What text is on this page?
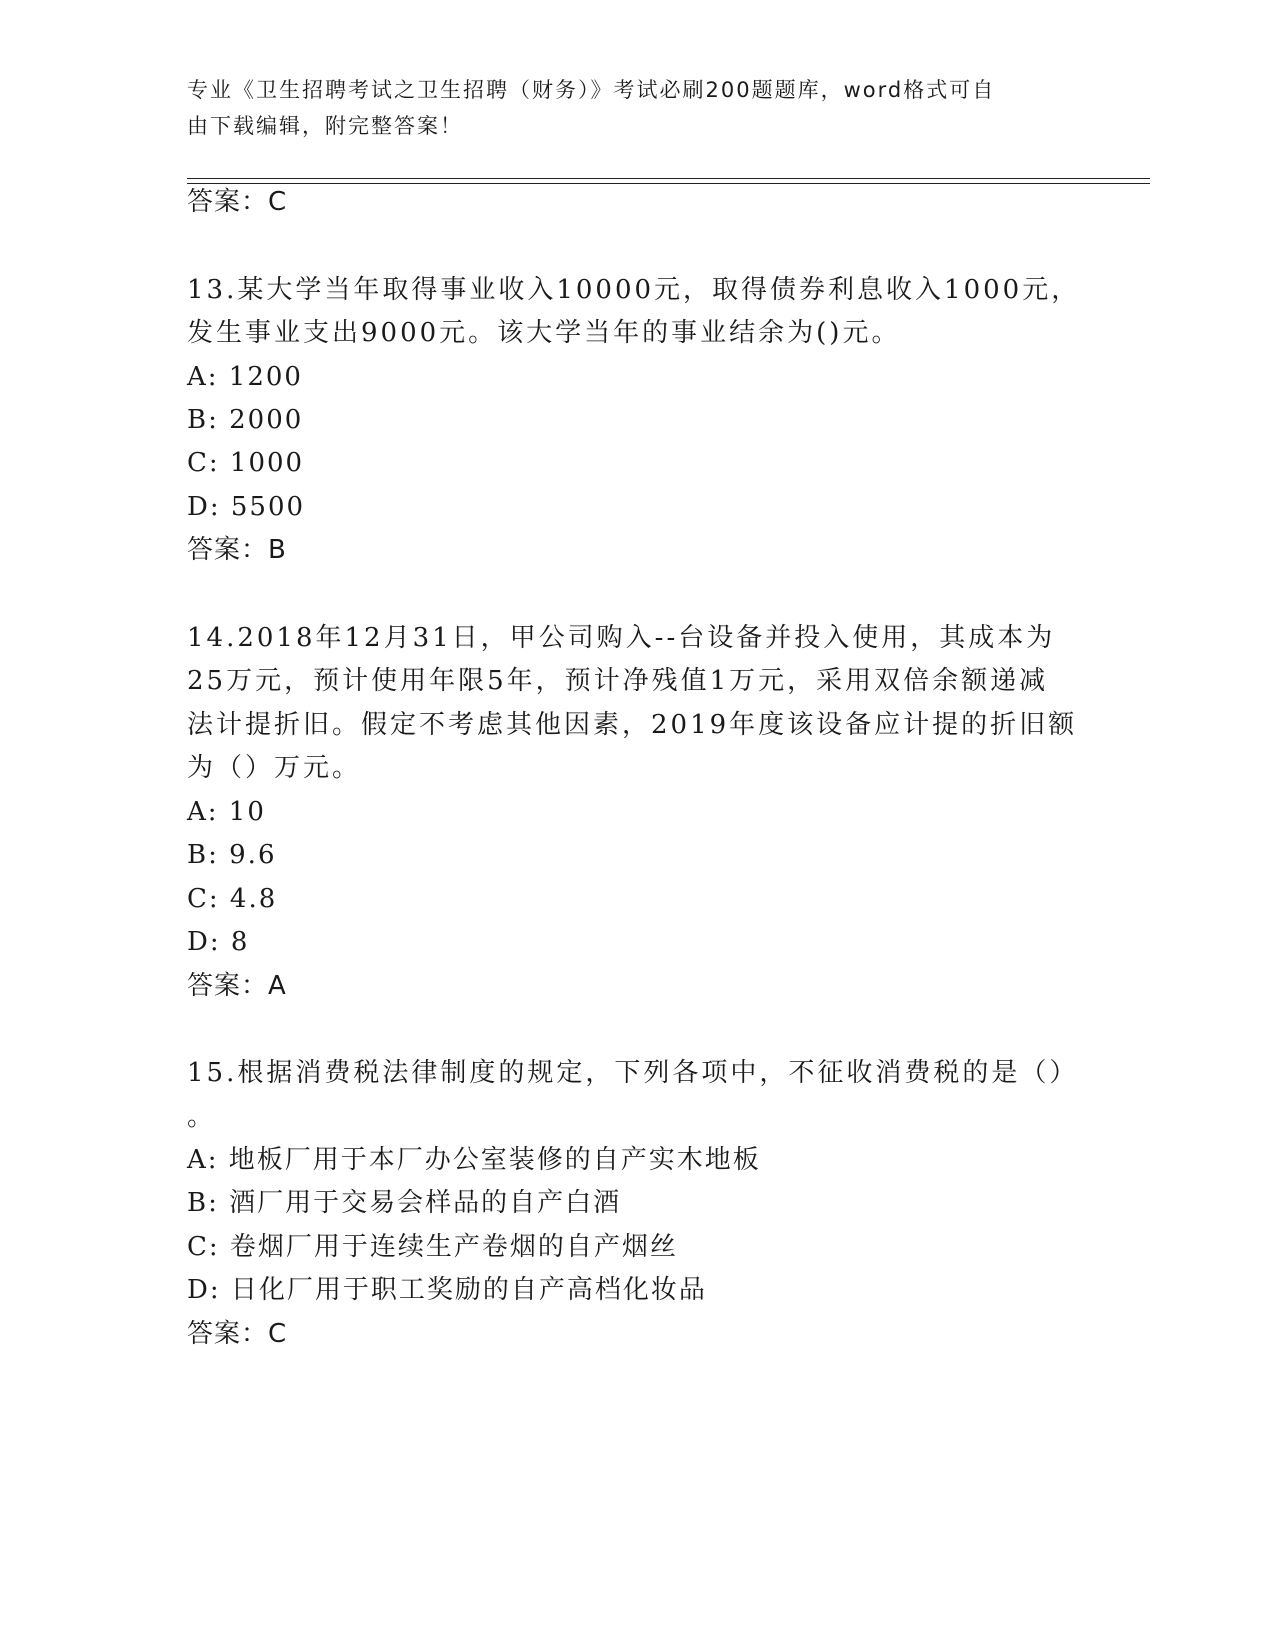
专业《卫生招聘考试之卫生招聘（财务）》考试必刷200题题库，word格式可自
由下载编辑，附完整答案！
答案：C
13.某大学当年取得事业收入10000元，取得债券利息收入1000元，
发生事业支出9000元。该大学当年的事业结余为()元。
A: 1200
B: 2000
C: 1000
D: 5500
答案：B
14.2018年12月31日，甲公司购入--台设备并投入使用，其成本为
25万元，预计使用年限5年，预计净残值1万元，采用双倍余额递减
法计提折旧。假定不考虑其他因素，2019年度该设备应计提的折旧额
为（）万元。
A: 10
B: 9.6
C: 4.8
D: 8
答案：A
15.根据消费税法律制度的规定，下列各项中，不征收消费税的是（）
。
A: 地板厂用于本厂办公室装修的自产实木地板
B: 酒厂用于交易会样品的自产白酒
C: 卷烟厂用于连续生产卷烟的自产烟丝
D: 日化厂用于职工奖励的自产高档化妆品
答案：C
